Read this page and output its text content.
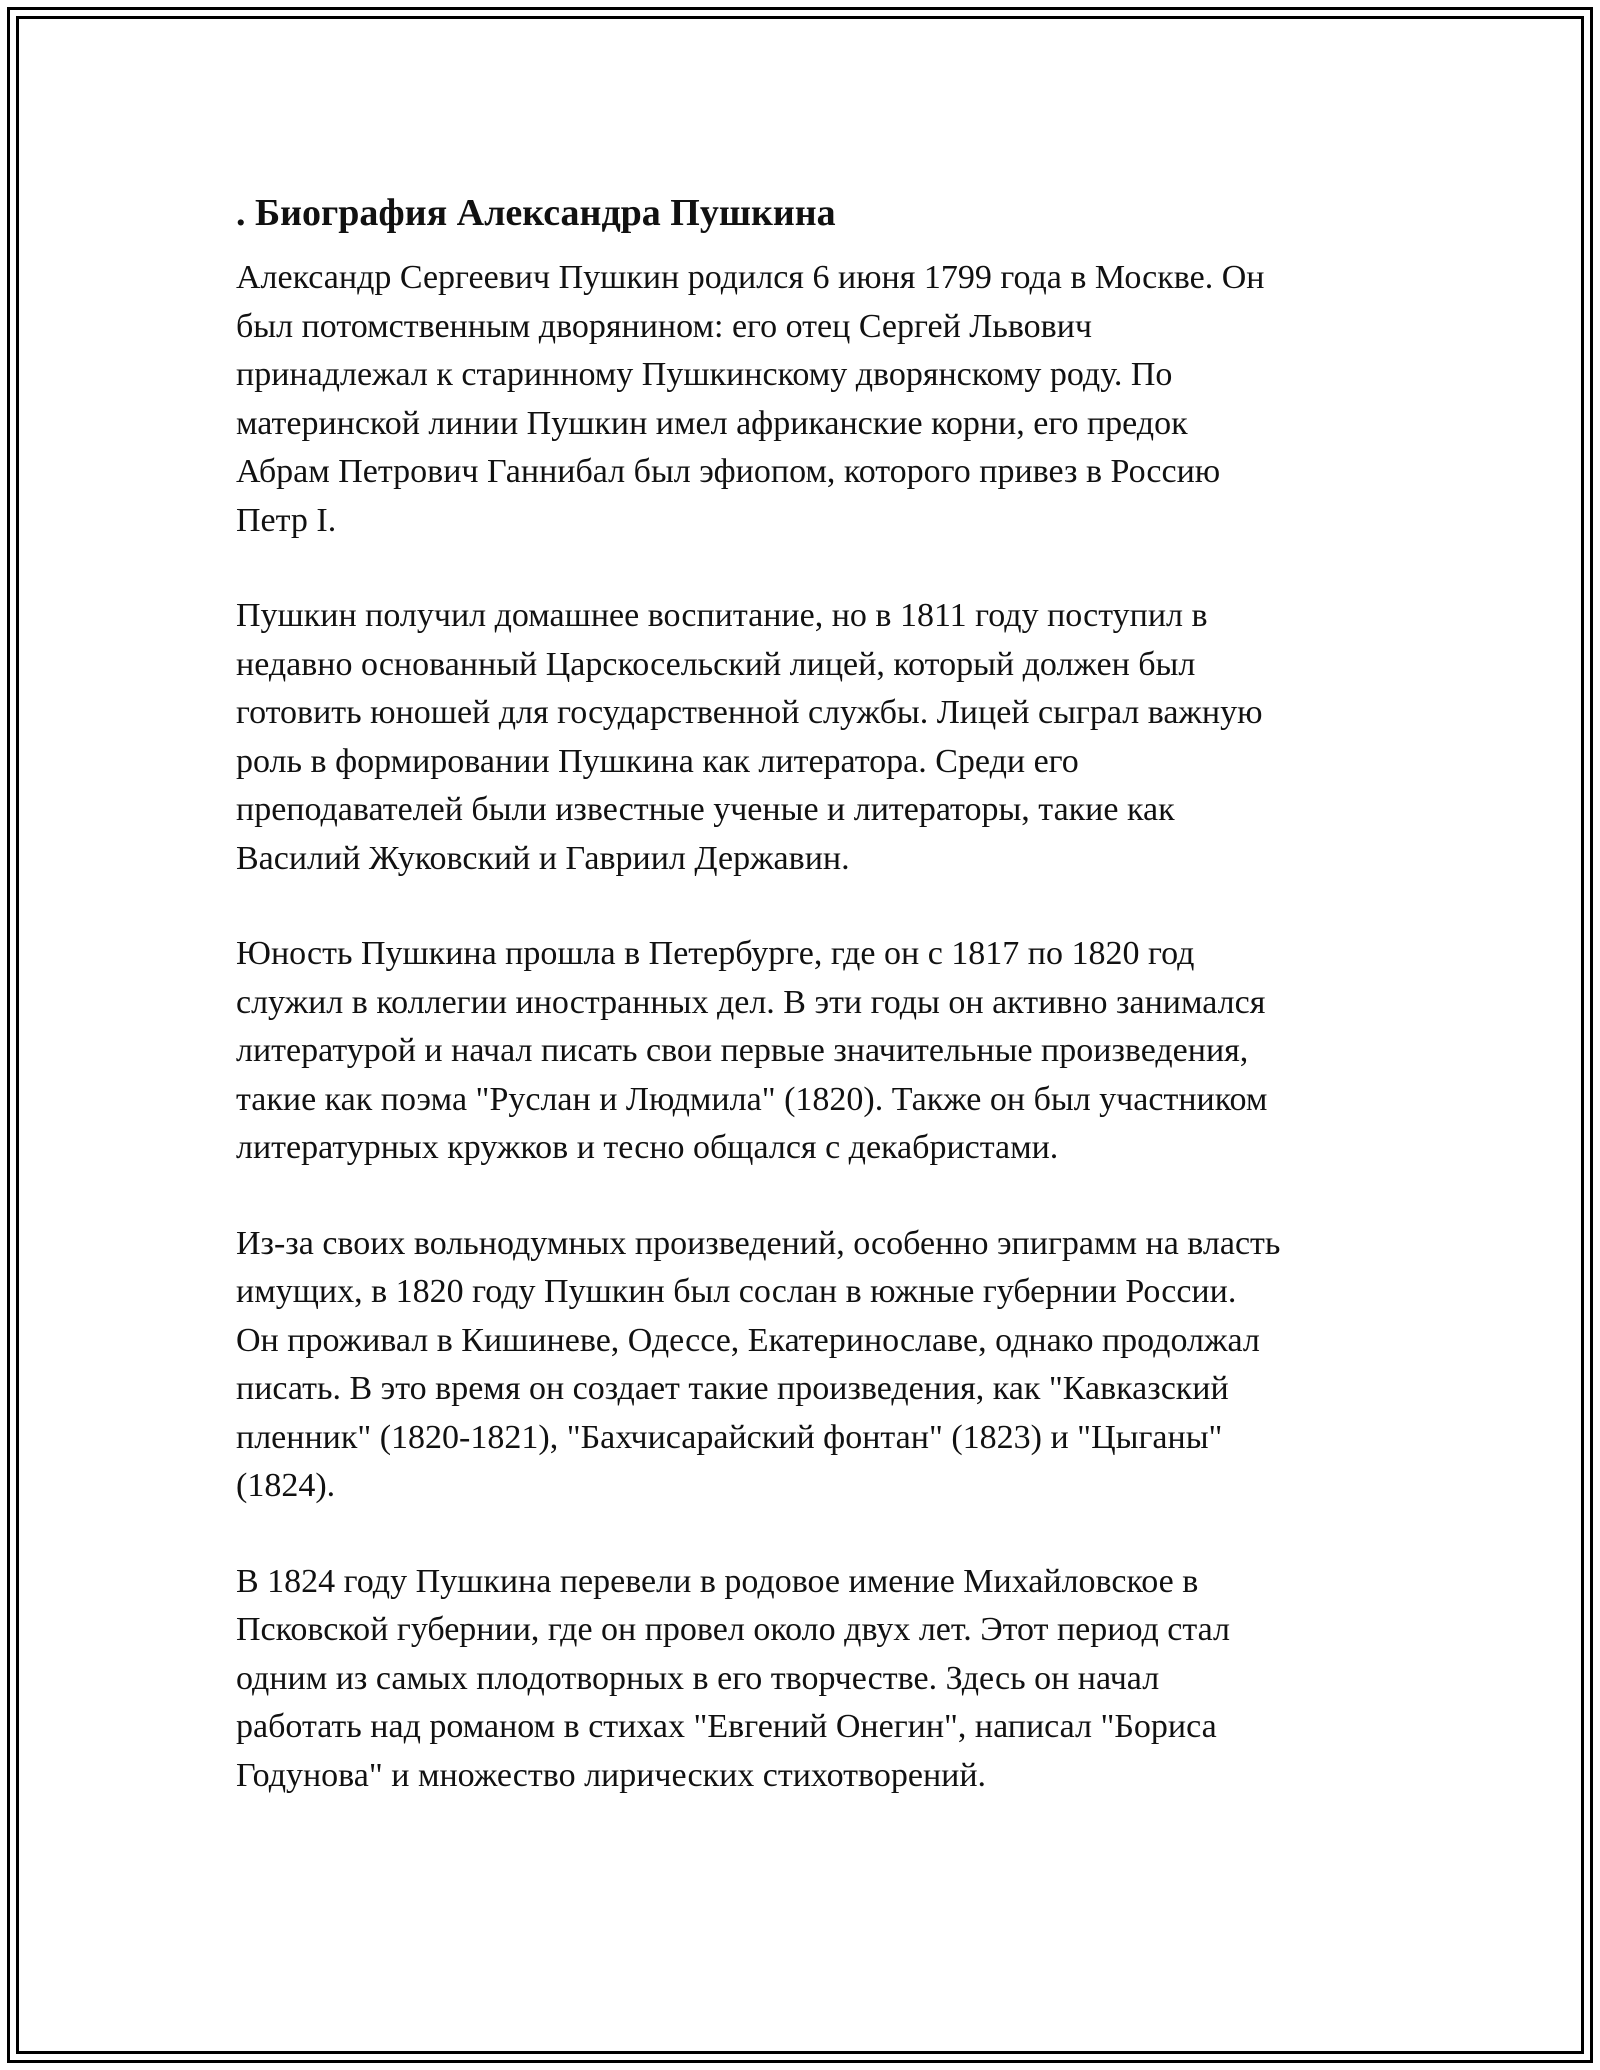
. Биография Александра Пушкина
Александр Сергеевич Пушкин родился 6 июня 1799 года в Москве. Он
был потомственным дворянином: его отец Сергей Львович
принадлежал к старинному Пушкинскому дворянскому роду. По
материнской линии Пушкин имел африканские корни, его предок
Абрам Петрович Ганнибал был эфиопом, которого привез в Россию
Петр I.
Пушкин получил домашнее воспитание, но в 1811 году поступил в
недавно основанный Царскосельский лицей, который должен был
готовить юношей для государственной службы. Лицей сыграл важную
роль в формировании Пушкина как литератора. Среди его
преподавателей были известные ученые и литераторы, такие как
Василий Жуковский и Гавриил Державин.
Юность Пушкина прошла в Петербурге, где он с 1817 по 1820 год
служил в коллегии иностранных дел. В эти годы он активно занимался
литературой и начал писать свои первые значительные произведения,
такие как поэма "Руслан и Людмила" (1820). Также он был участником
литературных кружков и тесно общался с декабристами.
Из-за своих вольнодумных произведений, особенно эпиграмм на власть
имущих, в 1820 году Пушкин был сослан в южные губернии России.
Он проживал в Кишиневе, Одессе, Екатеринославе, однако продолжал
писать. В это время он создает такие произведения, как "Кавказский
пленник" (1820-1821), "Бахчисарайский фонтан" (1823) и "Цыганы"
(1824).
В 1824 году Пушкина перевели в родовое имение Михайловское в
Псковской губернии, где он провел около двух лет. Этот период стал
одним из самых плодотворных в его творчестве. Здесь он начал
работать над романом в стихах "Евгений Онегин", написал "Бориса
Годунова" и множество лирических стихотворений.
